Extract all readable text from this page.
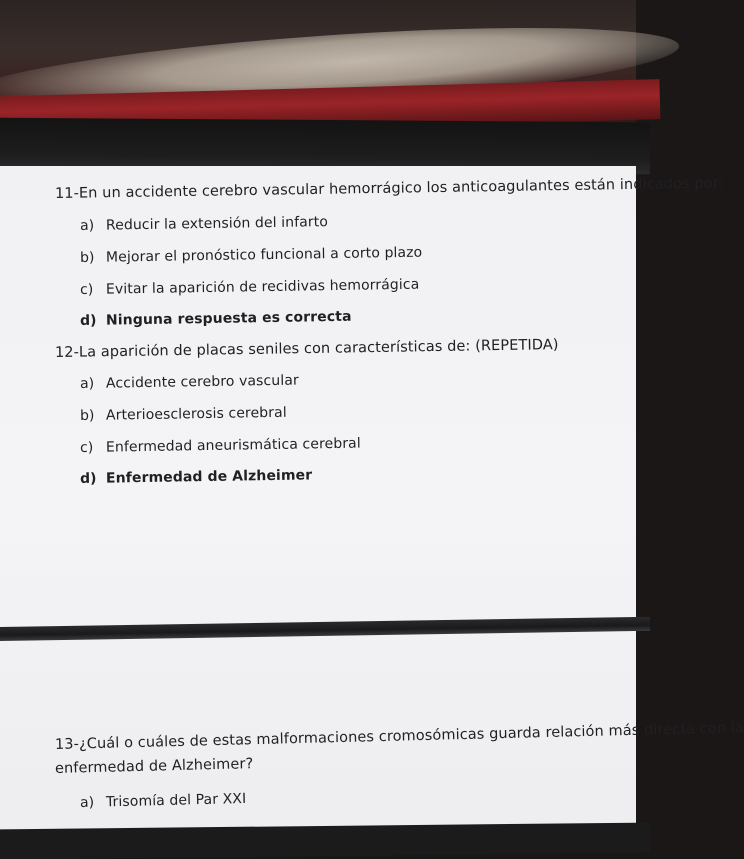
11-En un accidente cerebro vascular hemorrágico los anticoagulantes están indicados por:
a) Reducir la extensión del infarto
b) Mejorar el pronóstico funcional a corto plazo
c) Evitar la aparición de recidivas hemorrágica
d) Ninguna respuesta es correcta
12-La aparición de placas seniles con características de: (REPETIDA)
a) Accidente cerebro vascular
b) Arterioesclerosis cerebral
c) Enfermedad aneurismática cerebral
d) Enfermedad de Alzheimer
13-¿Cuál o cuáles de estas malformaciones cromosómicas guarda relación más directa con la
enfermedad de Alzheimer?
a) Trisomía del Par XXI
